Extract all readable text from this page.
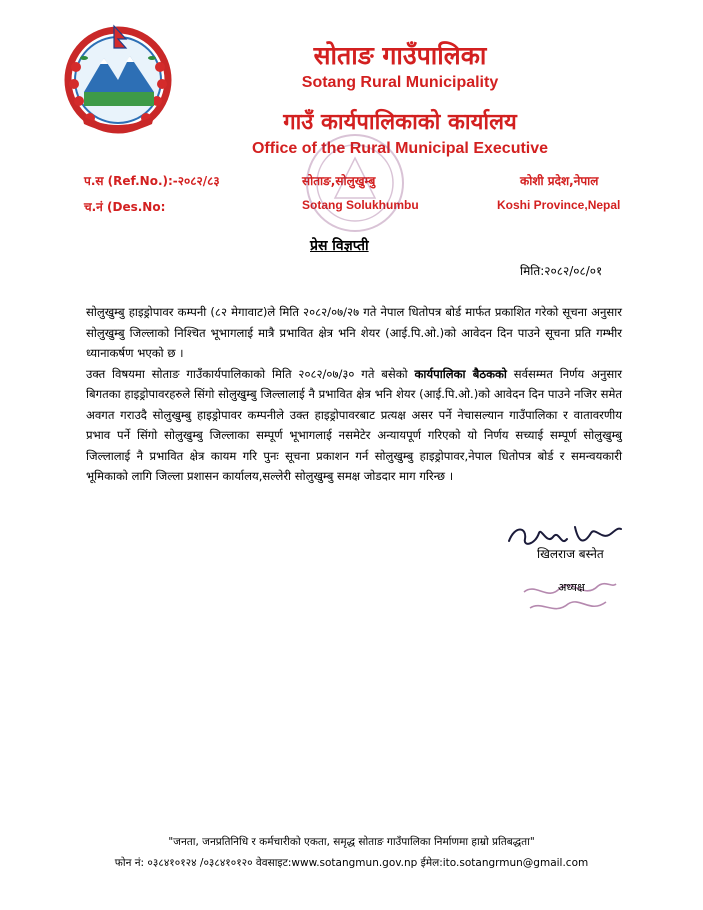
सोताङ गाउँपालिका
Sotang Rural Municipality
गाउँ कार्यपालिकाको कार्यालय
Office of the Rural Municipal Executive
प.स (Ref.No.):-२०८२/८३
च.नं (Des.No:
सोताङ,सोलुखुम्बु
Sotang Solukhumbu
कोशी प्रदेश,नेपाल
Koshi Province,Nepal
प्रेस विज्ञप्ती
मिति:२०८२/०८/०१

सोलुखुम्बु हाइड्रोपावर कम्पनी (८२ मेगावाट)ले मिति २०८२/०७/२७ गते नेपाल धितोपत्र बोर्ड मार्फत प्रकाशित गरेको सूचना अनुसार सोलुखुम्बु जिल्लाको निश्चित भूभागलाई मात्रै प्रभावित क्षेत्र भनि शेयर (आई.पि.ओ.)को आवेदन दिन पाउने सूचना प्रति गम्भीर ध्यानाकर्षण भएको छ ।

उक्त विषयमा सोताङ गाउँकार्यपालिकाको मिति २०८२/०७/३० गते बसेको कार्यपालिका बैठकको सर्वसम्मत निर्णय अनुसार बिगतका हाइड्रोपावरहरुले सिंगो सोलुखुम्बु जिल्लालाई नै प्रभावित क्षेत्र भनि शेयर (आई.पि.ओ.)को आवेदन दिन पाउने नजिर समेत अवगत गराउदै सोलुखुम्बु हाइड्रोपावर कम्पनीले उक्त हाइड्रोपावरबाट प्रत्यक्ष असर पर्ने नेचासल्यान गाउँपालिका र वातावरणीय प्रभाव पर्ने सिंगो सोलुखुम्बु जिल्लाका सम्पूर्ण भूभागलाई नसमेटेर अन्यायपूर्ण गरिएको यो निर्णय सच्याई सम्पूर्ण सोलुखुम्बु जिल्लालाई नै प्रभावित क्षेत्र कायम गरि पुनः सूचना प्रकाशन गर्न सोलुखुम्बु हाइड्रोपावर,नेपाल धितोपत्र बोर्ड र समन्वयकारी भूमिकाको लागि जिल्ला प्रशासन कार्यालय,सल्लेरी सोलुखुम्बु समक्ष जोडदार माग गरिन्छ ।

खिलराज बस्नेत
अध्यक्ष
"जनता, जनप्रतिनिधि र कर्मचारीको एकता, समृद्ध सोताङ गाउँपालिका निर्माणमा हाम्रो प्रतिबद्धता"
फोन नं: ०३८४१०१२४ /०३८४१०१२० वेवसाइट:www.sotangmun.gov.np ईमेल:ito.sotangrmun@gmail.com
